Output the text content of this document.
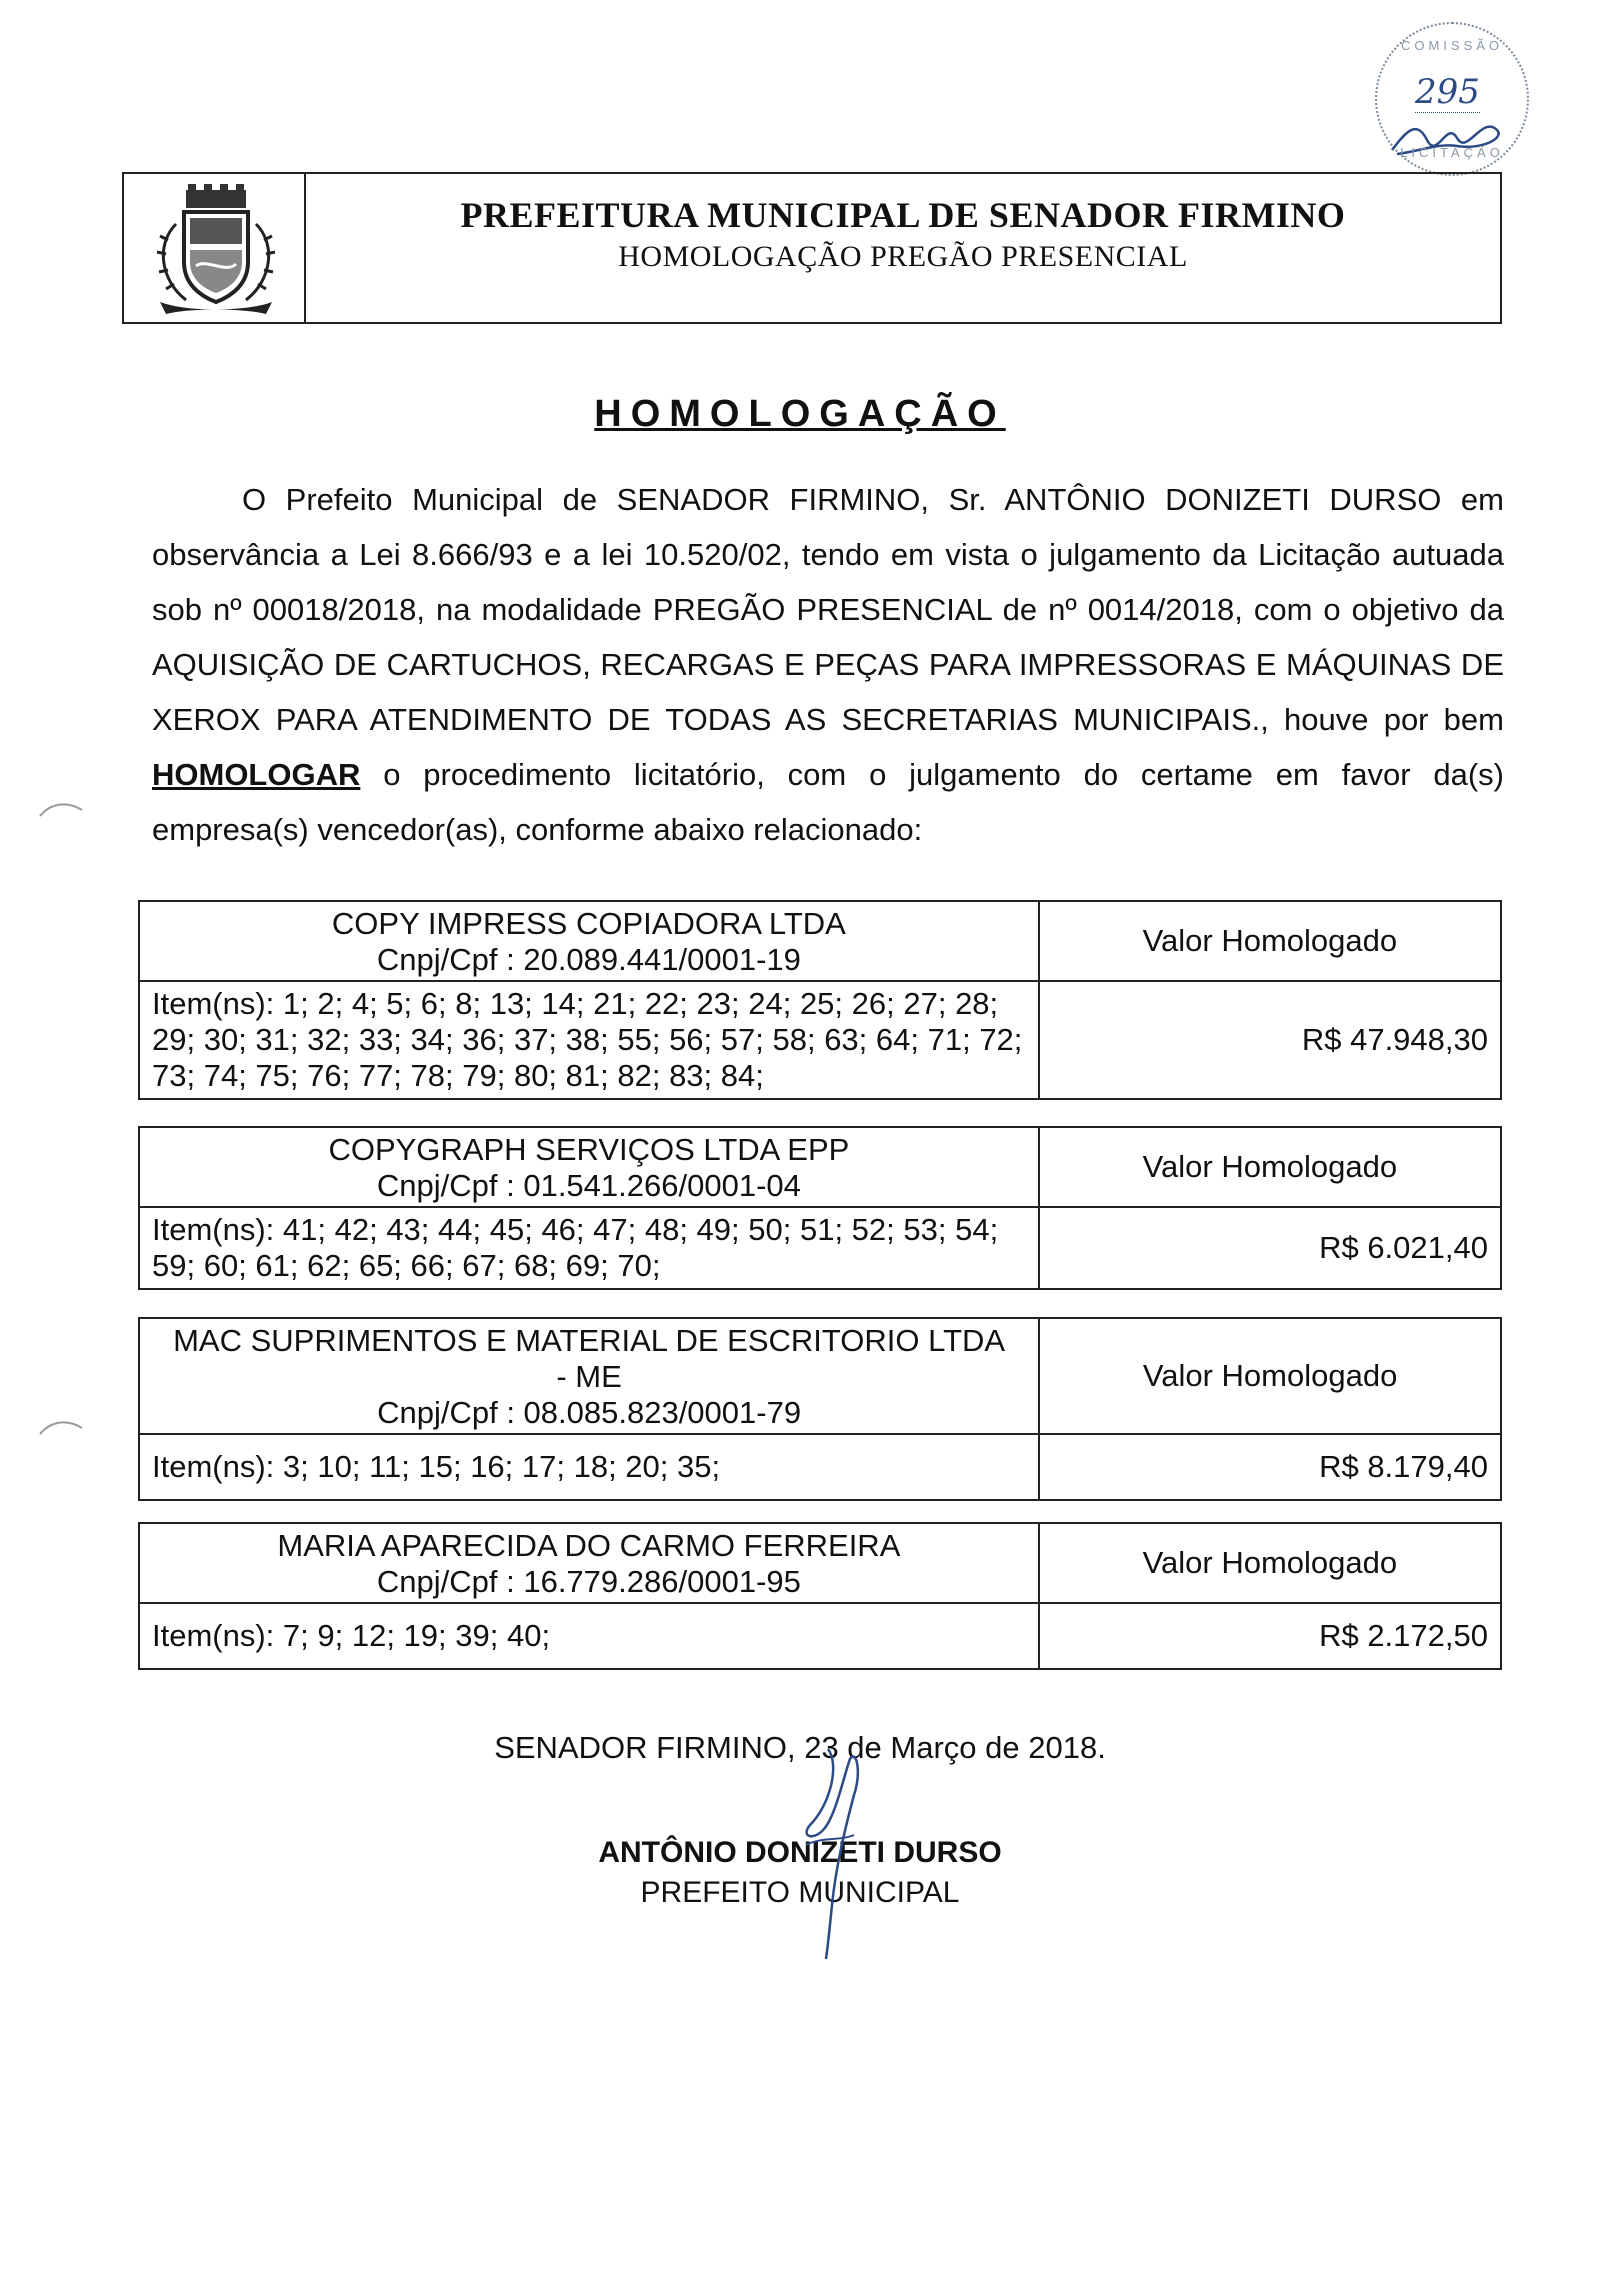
COMISSÃO
295
LICITAÇÃO
PREFEITURA MUNICIPAL DE SENADOR FIRMINO
HOMOLOGAÇÃO PREGÃO PRESENCIAL
HOMOLOGAÇÃO

O Prefeito Municipal de SENADOR FIRMINO, Sr. ANTÔNIO DONIZETI DURSO em observância a Lei 8.666/93 e a lei 10.520/02, tendo em vista o julgamento da Licitação autuada sob nº 00018/2018, na modalidade PREGÃO PRESENCIAL de nº 0014/2018, com o objetivo da AQUISIÇÃO DE CARTUCHOS, RECARGAS E PEÇAS PARA IMPRESSORAS E MÁQUINAS DE XEROX PARA ATENDIMENTO DE TODAS AS SECRETARIAS MUNICIPAIS., houve por bem HOMOLOGAR o procedimento licitatório, com o julgamento do certame em favor da(s) empresa(s) vencedor(as), conforme abaixo relacionado:

COPY IMPRESS COPIADORA LTDA
Cnpj/Cpf : 20.089.441/0001-19	Valor Homologado
Item(ns): 1; 2; 4; 5; 6; 8; 13; 14; 21; 22; 23; 24; 25; 26; 27; 28; 29; 30; 31; 32; 33; 34; 36; 37; 38; 55; 56; 57; 58; 63; 64; 71; 72; 73; 74; 75; 76; 77; 78; 79; 80; 81; 82; 83; 84;	R$ 47.948,30
COPYGRAPH SERVIÇOS LTDA EPP
Cnpj/Cpf : 01.541.266/0001-04	Valor Homologado
Item(ns): 41; 42; 43; 44; 45; 46; 47; 48; 49; 50; 51; 52; 53; 54; 59; 60; 61; 62; 65; 66; 67; 68; 69; 70;	R$ 6.021,40
MAC SUPRIMENTOS E MATERIAL DE ESCRITORIO LTDA - ME
Cnpj/Cpf : 08.085.823/0001-79	Valor Homologado
Item(ns): 3; 10; 11; 15; 16; 17; 18; 20; 35;	R$ 8.179,40
MARIA APARECIDA DO CARMO FERREIRA
Cnpj/Cpf : 16.779.286/0001-95	Valor Homologado
Item(ns): 7; 9; 12; 19; 39; 40;	R$ 2.172,50
SENADOR FIRMINO, 23 de Março de 2018.
ANTÔNIO DONIZETI DURSO
PREFEITO MUNICIPAL
